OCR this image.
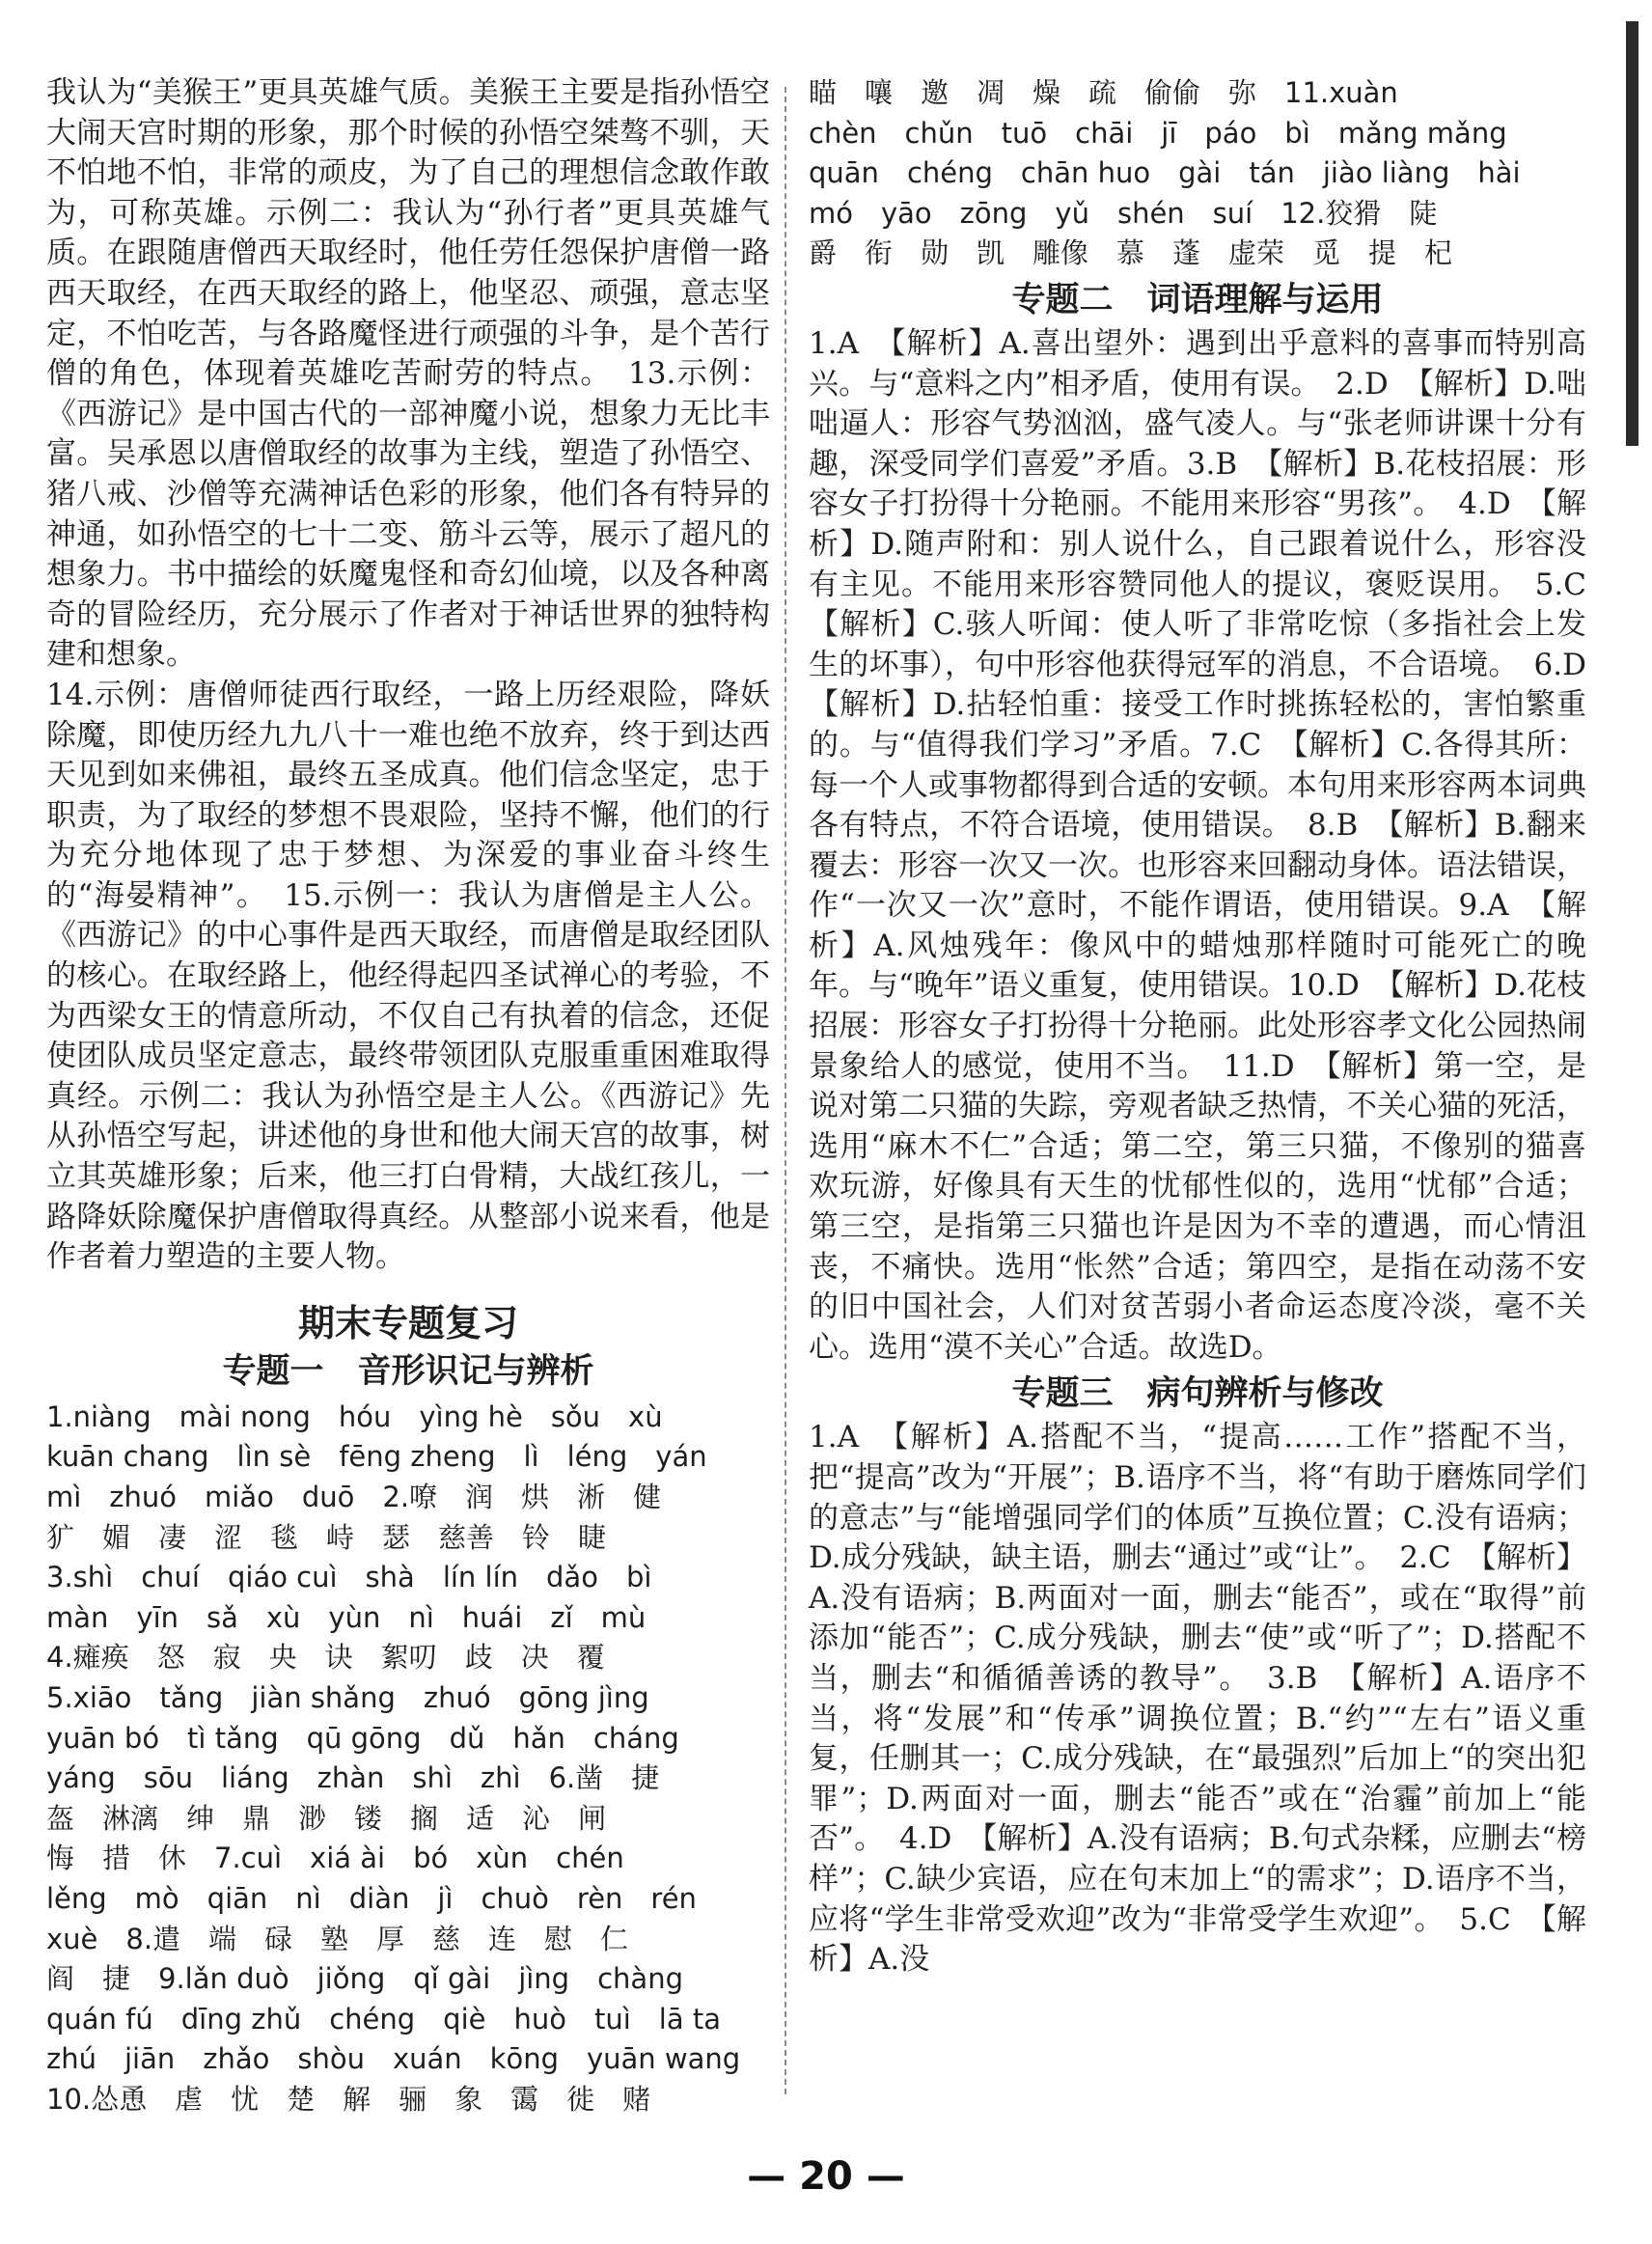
我认为“美猴王”更具英雄气质。美猴王主要是指孙悟空大闹天宫时期的形象，那个时候的孙悟空桀骜不驯，天不怕地不怕，非常的顽皮，为了自己的理想信念敢作敢为，可称英雄。示例二：我认为“孙行者”更具英雄气质。在跟随唐僧西天取经时，他任劳任怨保护唐僧一路西天取经，在西天取经的路上，他坚忍、顽强，意志坚定，不怕吃苦，与各路魔怪进行顽强的斗争，是个苦行僧的角色，体现着英雄吃苦耐劳的特点。　13.示例：《西游记》是中国古代的一部神魔小说，想象力无比丰富。吴承恩以唐僧取经的故事为主线，塑造了孙悟空、猪八戒、沙僧等充满神话色彩的形象，他们各有特异的神通，如孙悟空的七十二变、筋斗云等，展示了超凡的想象力。书中描绘的妖魔鬼怪和奇幻仙境，以及各种离奇的冒险经历，充分展示了作者对于神话世界的独特构建和想象。

14.示例：唐僧师徒西行取经，一路上历经艰险，降妖除魔，即使历经九九八十一难也绝不放弃，终于到达西天见到如来佛祖，最终五圣成真。他们信念坚定，忠于职责，为了取经的梦想不畏艰险，坚持不懈，他们的行为充分地体现了忠于梦想、为深爱的事业奋斗终生的“海晏精神”。　15.示例一：我认为唐僧是主人公。《西游记》的中心事件是西天取经，而唐僧是取经团队的核心。在取经路上，他经得起四圣试禅心的考验，不为西梁女王的情意所动，不仅自己有执着的信念，还促使团队成员坚定意志，最终带领团队克服重重困难取得真经。示例二：我认为孙悟空是主人公。《西游记》先从孙悟空写起，讲述他的身世和他大闹天宫的故事，树立其英雄形象；后来，他三打白骨精，大战红孩儿，一路降妖除魔保护唐僧取得真经。从整部小说来看，他是作者着力塑造的主要人物。

期末专题复习
专题一　音形识记与辨析
1.niàng　mài nong　hóu　yìng hè　sǒu　xù
kuān chang　lìn sè　fēng zheng　lì　léng　yán
mì　zhuó　miǎo　duō　2.嘹　润　烘　淅　健
犷　媚　凄　涩　毯　峙　瑟　慈善　铃　睫
3.shì　chuí　qiáo cuì　shà　lín lín　dǎo　bì
màn　yīn　sǎ　xù　yùn　nì　huái　zǐ　mù
4.瘫痪　怒　寂　央　诀　絮叨　歧　决　覆
5.xiāo　tǎng　jiàn shǎng　zhuó　gōng jìng
yuān bó　tì tǎng　qū gōng　dǔ　hǎn　cháng
yáng　sōu　liáng　zhàn　shì　zhì　6.凿　捷
盔　淋漓　绅　鼎　渺　镂　搁　适　沁　闸
悔　措　休　7.cuì　xiá ài　bó　xùn　chén
lěng　mò　qiān　nì　diàn　jì　chuò　rèn　rén
xuè　8.遣　端　碌　塾　厚　慈　连　慰　仁
阎　捷　9.lǎn duò　jiǒng　qǐ gài　jìng　chàng
quán fú　dīng zhǔ　chéng　qiè　huò　tuì　lā ta
zhú　jiān　zhǎo　shòu　xuán　kōng　yuān wang
10.怂恿　虐　忧　楚　解　骊　象　霭　徙　赌
瞄　嚷　邀　凋　燥　疏　偷偷　弥　11.xuàn
chèn　chǔn　tuō　chāi　jī　páo　bì　mǎng mǎng
quān　chéng　chān huo　gài　tán　jiào liàng　hài
mó　yāo　zōng　yǔ　shén　suí　12.狡猾　陡
爵　衔　勋　凯　雕像　慕　蓬　虚荣　觅　提　杞
专题二　词语理解与运用

1.A　【解析】A.喜出望外：遇到出乎意料的喜事而特别高兴。与“意料之内”相矛盾，使用有误。　2.D　【解析】D.咄咄逼人：形容气势汹汹，盛气凌人。与“张老师讲课十分有趣，深受同学们喜爱”矛盾。3.B　【解析】B.花枝招展：形容女子打扮得十分艳丽。不能用来形容“男孩”。　4.D　【解析】D.随声附和：别人说什么，自己跟着说什么，形容没有主见。不能用来形容赞同他人的提议，褒贬误用。　5.C【解析】C.骇人听闻：使人听了非常吃惊（多指社会上发生的坏事），句中形容他获得冠军的消息，不合语境。　6.D　【解析】D.拈轻怕重：接受工作时挑拣轻松的，害怕繁重的。与“值得我们学习”矛盾。7.C　【解析】C.各得其所：每一个人或事物都得到合适的安顿。本句用来形容两本词典各有特点，不符合语境，使用错误。　8.B　【解析】B.翻来覆去：形容一次又一次。也形容来回翻动身体。语法错误，作“一次又一次”意时，不能作谓语，使用错误。9.A　【解析】A.风烛残年：像风中的蜡烛那样随时可能死亡的晚年。与“晚年”语义重复，使用错误。10.D　【解析】D.花枝招展：形容女子打扮得十分艳丽。此处形容孝文化公园热闹景象给人的感觉，使用不当。　11.D　【解析】第一空，是说对第二只猫的失踪，旁观者缺乏热情，不关心猫的死活，选用“麻木不仁”合适；第二空，第三只猫，不像别的猫喜欢玩游，好像具有天生的忧郁性似的，选用“忧郁”合适；第三空，是指第三只猫也许是因为不幸的遭遇，而心情沮丧，不痛快。选用“怅然”合适；第四空，是指在动荡不安的旧中国社会，人们对贫苦弱小者命运态度冷淡，毫不关心。选用“漠不关心”合适。故选D。

专题三　病句辨析与修改

1.A　【解析】A.搭配不当，“提高……工作”搭配不当，把“提高”改为“开展”；B.语序不当，将“有助于磨炼同学们的意志”与“能增强同学们的体质”互换位置；C.没有语病；D.成分残缺，缺主语，删去“通过”或“让”。　2.C　【解析】A.没有语病；B.两面对一面，删去“能否”，或在“取得”前添加“能否”；C.成分残缺，删去“使”或“听了”；D.搭配不当，删去“和循循善诱的教导”。　3.B　【解析】A.语序不当，将“发展”和“传承”调换位置；B.“约”“左右”语义重复，任删其一；C.成分残缺，在“最强烈”后加上“的突出犯罪”；D.两面对一面，删去“能否”或在“治霾”前加上“能否”。　4.D　【解析】A.没有语病；B.句式杂糅，应删去“榜样”；C.缺少宾语，应在句末加上“的需求”；D.语序不当，应将“学生非常受欢迎”改为“非常受学生欢迎”。　5.C　【解析】A.没

— 20 —
